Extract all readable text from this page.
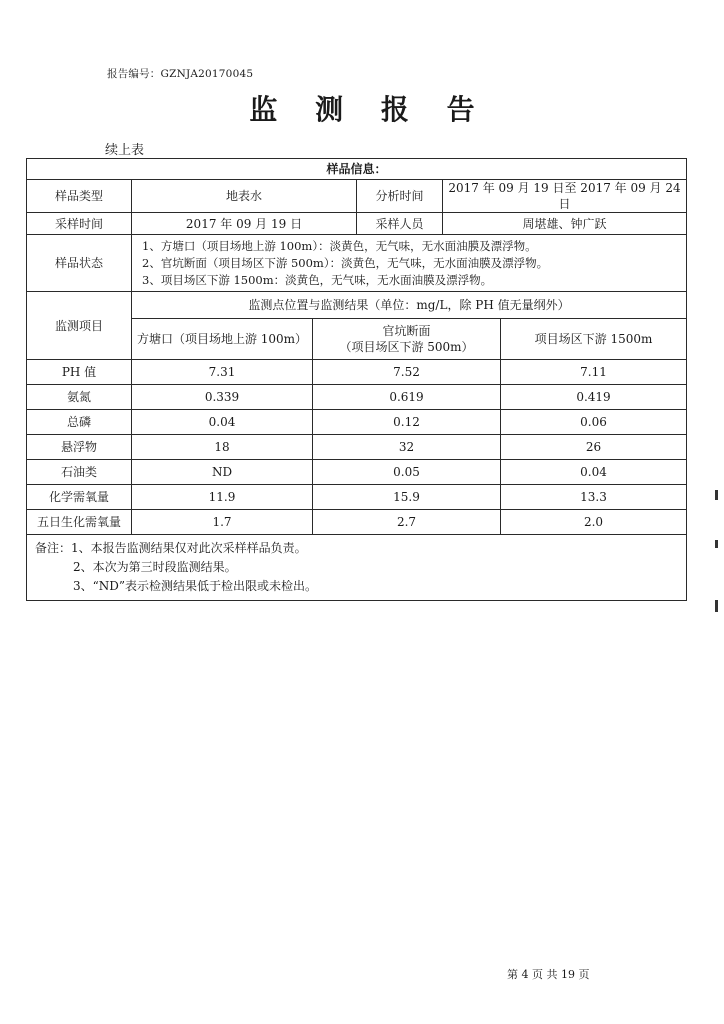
报告编号：GZNJA20170045
监 测 报 告
续上表
样品信息：					
样品类型	地表水		分析时间	2017 年 09 月 19 日至 2017 年 09 月 24 日	
采样时间	2017 年 09 月 19 日		采样人员	周堪雄、钟广跃	
样品状态	1、方塘口（项目场地上游 100m）：淡黄色，无气味，无水面油膜及漂浮物。
2、官坑断面（项目场区下游 500m）：淡黄色，无气味，无水面油膜及漂浮物。
3、项目场区下游 1500m：淡黄色，无气味，无水面油膜及漂浮物。				

监测项目	监测点位置与监测结果（单位：mg/L，除 PH 值无量纲外）				
	方塘口（项目场地上游 100m）	官坑断面
（项目场区下游 500m）			项目场区下游 1500m
PH 值	7.31	7.52			7.11
氨氮	0.339	0.619			0.419
总磷	0.04	0.12			0.06
悬浮物	18	32			26
石油类	ND	0.05			0.04
化学需氧量	11.9	15.9			13.3
五日生化需氧量	1.7	2.7			2.0

备注：1、本报告监测结果仅对此次采样样品负责。
2、本次为第三时段监测结果。
3、“ND”表示检测结果低于检出限或未检出。					
第 4 页 共 19 页
